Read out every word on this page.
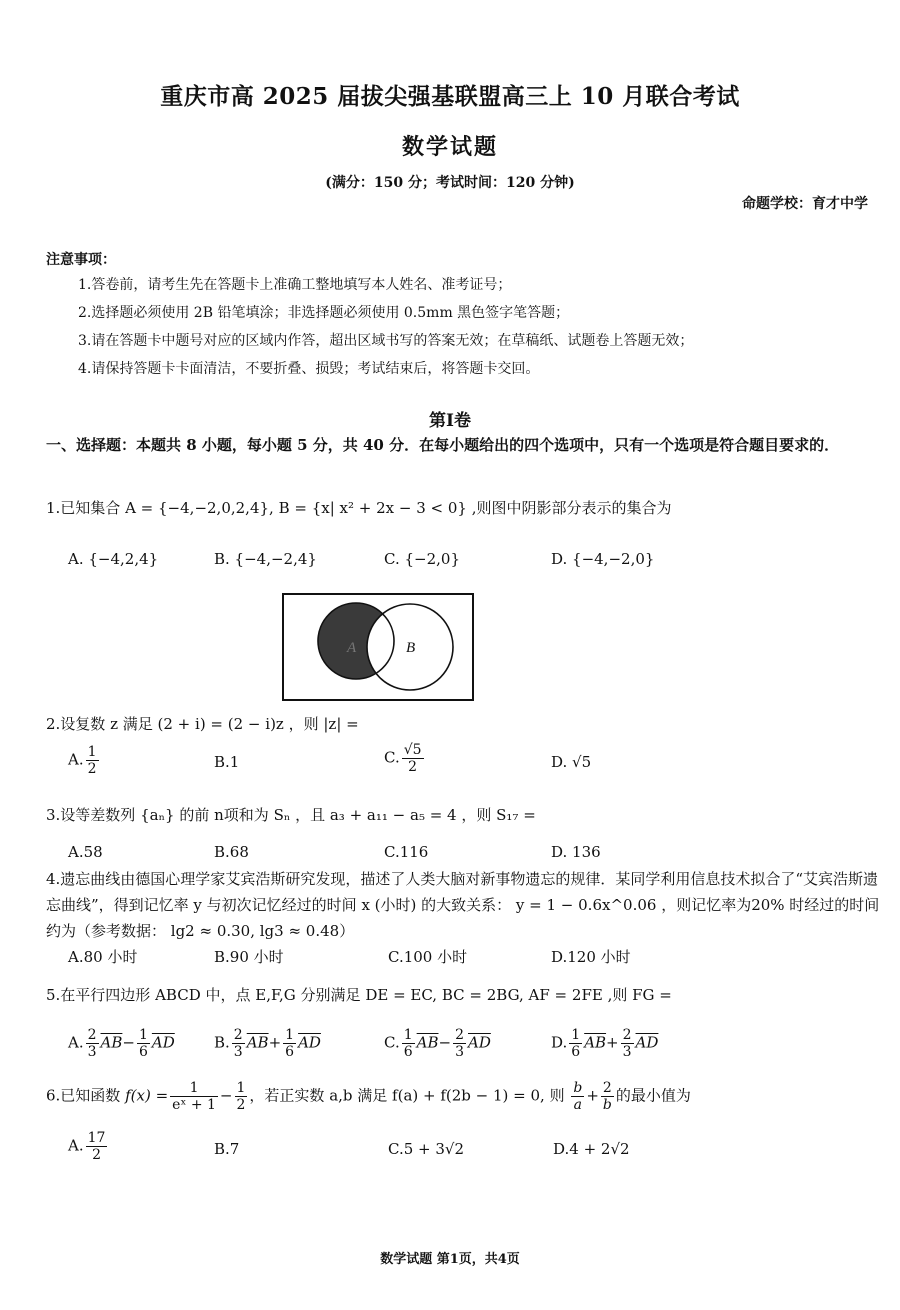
重庆市高 2025 届拔尖强基联盟高三上 10 月联合考试
数学试题
(满分：150 分；考试时间：120 分钟)
命题学校：育才中学
注意事项：
1.答卷前，请考生先在答题卡上准确工整地填写本人姓名、准考证号；
2.选择题必须使用 2B 铅笔填涂；非选择题必须使用 0.5mm 黑色签字笔答题；
3.请在答题卡中题号对应的区域内作答，超出区域书写的答案无效；在草稿纸、试题卷上答题无效；
4.请保持答题卡卡面清洁，不要折叠、损毁；考试结束后，将答题卡交回。
第Ⅰ卷
一、选择题：本题共 8 小题，每小题 5 分，共 40 分．在每小题给出的四个选项中，只有一个选项是符合题目要求的．
1.已知集合 A = {−4,−2,0,2,4}, B = {x| x² + 2x − 3 < 0} ,则图中阴影部分表示的集合为
A. {−4,2,4}	B. {−4,−2,4}	C. {−2,0}	D. {−4,−2,0}
A	B
2.设复数 z 满足 (2 + i) = (2 − i)z ，则 |z| =
A. $\frac{1}{2}$	B.1	C. $\frac{√5}{2}$	D. √5
3.设等差数列 {aₙ} 的前 n项和为 Sₙ ，且 a₃ + a₁₁ − a₅ = 4 ，则 S₁₇ =
A.58	B.68	C.116	D. 136
4.遗忘曲线由德国心理学家艾宾浩斯研究发现，描述了人类大脑对新事物遗忘的规律．某同学利用信息技术拟合了“艾宾浩斯遗忘曲线”，得到记忆率 y 与初次记忆经过的时间 x (小时) 的大致关系： y = 1 − 0.6x^0.06 ，则记忆率为20% 时经过的时间约为（参考数据： lg2 ≈ 0.30, lg3 ≈ 0.48）
A.80 小时	B.90 小时	C.100 小时	D.120 小时
5.在平行四边形 ABCD 中，点 E,F,G 分别满足 DE = EC, BC = 2BG, AF = 2FE ,则 FG =
A. $\frac{2}{3} \overline{AB}- \frac{1}{6} \overline{AD}$	B. $\frac{2}{3} \overline{AB}+ \frac{1}{6} \overline{AD}$	C. $\frac{1}{6} \overline{AB}- \frac{2}{3} \overline{AD}$	D. $\frac{1}{6} \overline{AB}+ \frac{2}{3} \overline{AD}$
6.已知函数 $f(x) = \frac{1}{\text{eˣ + 1}} - \frac{1}{2}$ ，若正实数 a,b 满足 f(a) + f(2b − 1) = 0, 则 $\frac{b}{a} + \frac{2}{b}$ 的最小值为
A. $\frac{17}{2}$	B.7	C.5 + 3√2	D.4 + 2√2
数学试题 第1页，共4页
